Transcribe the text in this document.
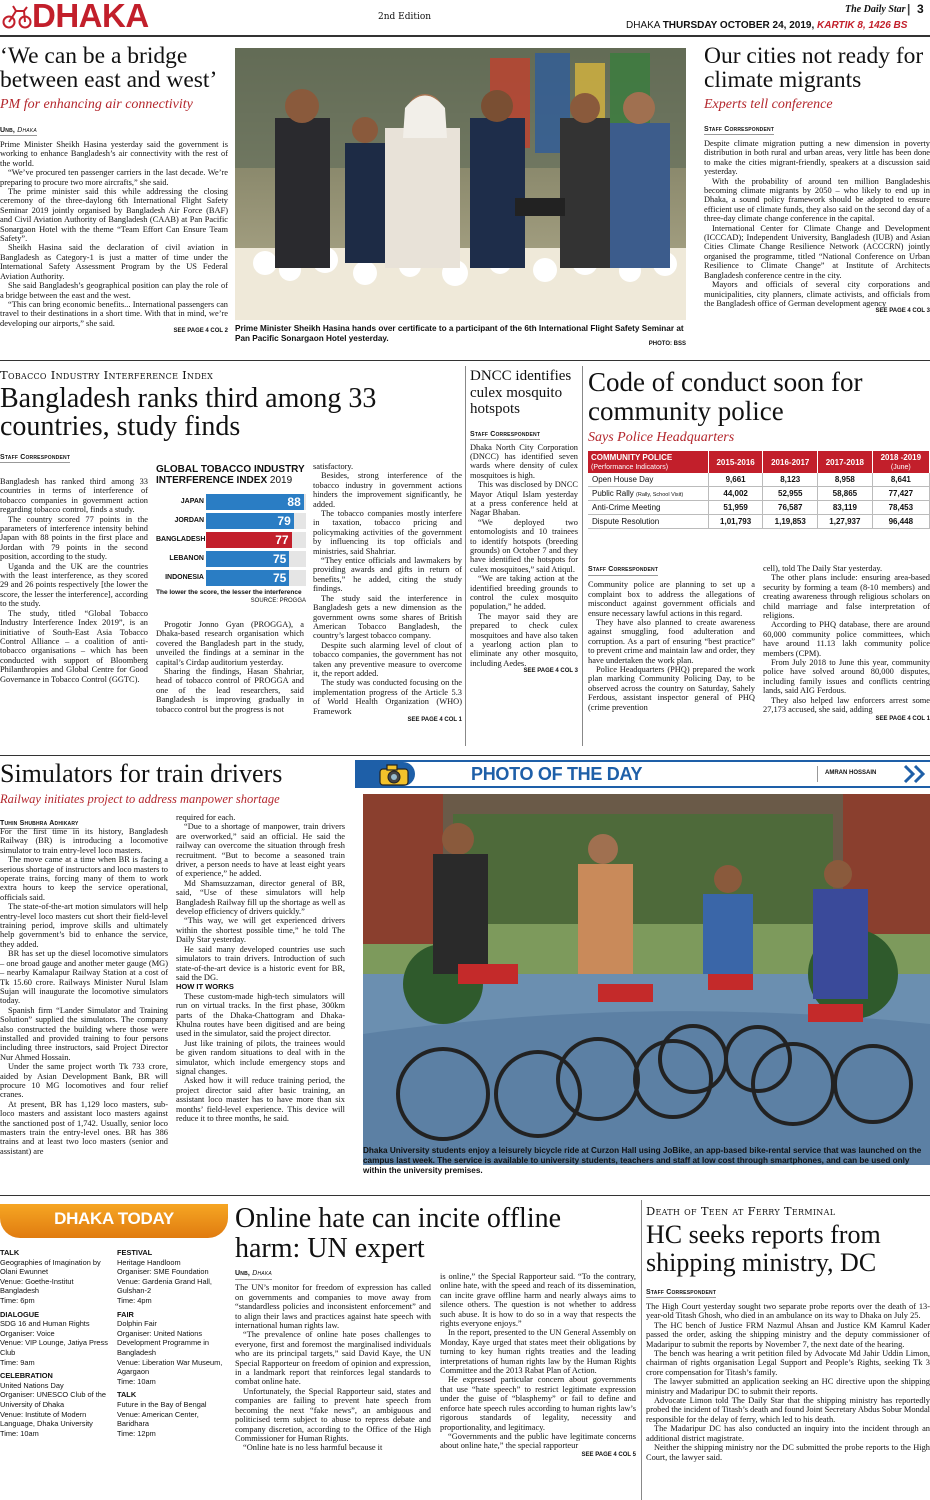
DHAKA	2nd Edition
The Daily Star | 3
DHAKA THURSDAY OCTOBER 24, 2019, KARTIK 8, 1426 BS
‘We can be a bridge between east and west’
PM for enhancing air connectivity
Unb, Dhaka

Prime Minister Sheikh Hasina yesterday said the government is working to enhance Bangladesh’s air connectivity with the rest of the world.

“We’ve procured ten passenger carriers in the last decade. We’re preparing to procure two more aircrafts,” she said.

The prime minister said this while addressing the closing ceremony of the three-daylong 6th International Flight Safety Seminar 2019 jointly organised by Bangladesh Air Force (BAF) and Civil Aviation Authority of Bangladesh (CAAB) at Pan Pacific Sonargaon Hotel with the theme “Team Effort Can Ensure Team Safety”.

Sheikh Hasina said the declaration of civil aviation in Bangladesh as Category-1 is just a matter of time under the International Safety Assessment Program by the US Federal Aviation Authority.

She said Bangladesh’s geographical position can play the role of a bridge between the east and the west.

“This can bring economic benefits... International passengers can travel to their destinations in a short time. With that in mind, we’re developing our airports,” she said.

SEE PAGE 4 COL 2 Prime Minister Sheikh Hasina hands over certificate to a participant of the 6th International Flight Safety Seminar at Pan Pacific Sonargaon Hotel yesterday.
PHOTO: BSS
Our cities not ready for climate migrants
Experts tell conference
Staff Correspondent

Despite climate migration putting a new dimension in poverty distribution in both rural and urban areas, very little has been done to make the cities migrant-friendly, speakers at a discussion said yesterday.

With the probability of around ten million Bangladeshis becoming climate migrants by 2050 – who likely to end up in Dhaka, a sound policy framework should be adopted to ensure efficient use of climate funds, they also said on the second day of a three-day climate change conference in the capital.

International Center for Climate Change and Development (ICCCAD); Independent University, Bangladesh (IUB) and Asian Cities Climate Change Resilience Network (ACCCRN) jointly organised the programme, titled “National Conference on Urban Resilience to Climate Change” at Institute of Architects Bangladesh conference centre in the city.

Mayors and officials of several city corporations and municipalities, city planners, climate activists, and officials from the Bangladesh office of German development agency

SEE PAGE 4 COL 3
Tobacco Industry Interference Index
Bangladesh ranks third among 33 countries, study finds
Staff Correspondent

Bangladesh has ranked third among 33 countries in terms of interference of tobacco companies in government action regarding tobacco control, finds a study.

The country scored 77 points in the parameters of interference intensity behind Japan with 88 points in the first place and Jordan with 79 points in the second position, according to the study.

Uganda and the UK are the countries with the least interference, as they scored 29 and 26 points respectively [the lower the score, the lesser the interference], according to the study.

The study, titled “Global Tobacco Industry Interference Index 2019”, is an initiative of South-East Asia Tobacco Control Alliance – a coalition of anti-tobacco organisations – which has been conducted with support of Bloomberg Philanthropies and Global Centre for Good Governance in Tobacco Control (GGTC).

GLOBAL TOBACCO INDUSTRY INTERFERENCE INDEX 2019
JAPAN	88
JORDAN	79
BANGLADESH	77
LEBANON	75
INDONESIA	75
The lower the score, the lesser the interference
SOURCE: PROGGA

Progotir Jonno Gyan (PROGGA), a Dhaka-based research organisation which covered the Bangladesh part in the study, unveiled the findings at a seminar in the capital’s Cirdap auditorium yesterday.

Sharing the findings, Hasan Shahriar, head of tobacco control of PROGGA and one of the lead researchers, said Bangladesh is improving gradually in tobacco control but the progress is not

satisfactory.

Besides, strong interference of the tobacco industry in government actions hinders the improvement significantly, he added.

The tobacco companies mostly interfere in taxation, tobacco pricing and policymaking activities of the government by influencing its top officials and ministries, said Shahriar.

“They entice officials and lawmakers by providing awards and gifts in return of benefits,” he added, citing the study findings.

The study said the interference in Bangladesh gets a new dimension as the government owns some shares of British American Tobacco Bangladesh, the country’s largest tobacco company.

Despite such alarming level of clout of tobacco companies, the government has not taken any preventive measure to overcome it, the report added.

The study was conducted focusing on the implementation progress of the Article 5.3 of World Health Organization (WHO) Framework

SEE PAGE 4 COL 1
DNCC identifies culex mosquito hotspots
Staff Correspondent

Dhaka North City Corporation (DNCC) has identified seven wards where density of culex mosquitoes is high.

This was disclosed by DNCC Mayor Atiqul Islam yesterday at a press conference held at Nagar Bhaban.

“We deployed two entomologists and 10 trainees to identify hotspots (breeding grounds) on October 7 and they have identified the hotspots for culex mosquitoes,” said Atiqul.

“We are taking action at the identified breeding grounds to control the culex mosquito population,” he added.

The mayor said they are prepared to check culex mosquitoes and have also taken a yearlong action plan to eliminate any other mosquito, including Aedes.

SEE PAGE 4 COL 3
Code of conduct soon for community police
Says Police Headquarters
COMMUNITY POLICE
(Performance Indicators)	2015-2016	2016-2017	2017-2018	2018 -2019
(June)
Open House Day	9,661	8,123	8,958	8,641
Public Rally (Rally, School Visit)	44,002	52,955	58,865	77,427
Anti-Crime Meeting	51,959	76,587	83,119	78,453
Dispute Resolution	1,01,793	1,19,853	1,27,937	96,448
Staff Correspondent

Community police are planning to set up a complaint box to address the allegations of misconduct against government officials and ensure necessary lawful actions in this regard.

They have also planned to create awareness against smuggling, food adulteration and corruption. As a part of ensuring “best practice” to prevent crime and maintain law and order, they have undertaken the work plan.

Police Headquarters (PHQ) prepared the work plan marking Community Policing Day, to be observed across the country on Saturday, Sahely Ferdous, assistant inspector general of PHQ (crime prevention

cell), told The Daily Star yesterday.

The other plans include: ensuring area-based security by forming a team (8-10 members) and creating awareness through religious scholars on child marriage and false interpretation of religions.

According to PHQ database, there are around 60,000 community police committees, which have around 11.13 lakh community police members (CPM).

From July 2018 to June this year, community police have solved around 80,000 disputes, including family issues and conflicts centring lands, said AIG Ferdous.

They also helped law enforcers arrest some 27,173 accused, she said, adding

SEE PAGE 4 COL 1
Simulators for train drivers
Railway initiates project to address manpower shortage
Tuhin Shubhra Adhikary

For the first time in its history, Bangladesh Railway (BR) is introducing a locomotive simulator to train entry-level loco masters.

The move came at a time when BR is facing a serious shortage of instructors and loco masters to operate trains, forcing many of them to work extra hours to keep the service operational, officials said.

The state-of-the-art motion simulators will help entry-level loco masters cut short their field-level training period, improve skills and ultimately help government’s bid to enhance the service, they added.

BR has set up the diesel locomotive simulators – one broad gauge and another meter gauge (MG) – nearby Kamalapur Railway Station at a cost of Tk 15.60 crore. Railways Minister Nurul Islam Sujan will inaugurate the locomotive simulators today.

Spanish firm “Lander Simulator and Training Solution” supplied the simulators. The company also constructed the building where those were installed and provided training to four persons including three instructors, said Project Director Nur Ahmed Hossain.

Under the same project worth Tk 733 crore, aided by Asian Development Bank, BR will procure 10 MG locomotives and four relief cranes.

At present, BR has 1,129 loco masters, sub-loco masters and assistant loco masters against the sanctioned post of 1,742. Usually, senior loco masters train the entry-level ones. BR has 386 trains and at least two loco masters (senior and assistant) are

required for each.

“Due to a shortage of manpower, train drivers are overworked,” said an official. He said the railway can overcome the situation through fresh recruitment. “But to become a seasoned train driver, a person needs to have at least eight years of experience,” he added.

Md Shamsuzzaman, director general of BR, said, “Use of these simulators will help Bangladesh Railway fill up the shortage as well as develop efficiency of drivers quickly.”

“This way, we will get experienced drivers within the shortest possible time,” he told The Daily Star yesterday.

He said many developed countries use such simulators to train drivers. Introduction of such state-of-the-art device is a historic event for BR, said the DG.

HOW IT WORKS

These custom-made high-tech simulators will run on virtual tracks. In the first phase, 300km parts of the Dhaka-Chattogram and Dhaka-Khulna routes have been digitised and are being used in the simulator, said the project director.

Just like training of pilots, the trainees would be given random situations to deal with in the simulator, which include emergency stops and signal changes.

Asked how it will reduce training period, the project director said after basic training, an assistant loco master has to have more than six months’ field-level experience. This device will reduce it to three months, he said.

PHOTO OF THE DAY	AMRAN HOSSAIN
Dhaka University students enjoy a leisurely bicycle ride at Curzon Hall using JoBike, an app-based bike-rental service that was launched on the campus last week. The service is available to university students, teachers and staff at low cost through smartphones, and can be used only within the university premises.
DHAKA TODAY
TALK
Geographies of Imagination by Olani Ewunnet
Venue: Goethe-Institut Bangladesh
Time: 6pm
DIALOGUE
SDG 16 and Human Rights
Organiser: Voice
Venue: VIP Lounge, Jatiya Press Club
Time: 9am
CELEBRATION
United Nations Day
Organiser: UNESCO Club of the University of Dhaka
Venue: Institute of Modern Language, Dhaka University
Time: 10am
FESTIVAL
Heritage Handloom
Organiser: SME Foundation
Venue: Gardenia Grand Hall, Gulshan-2
Time: 4pm
FAIR
Dolphin Fair
Organiser: United Nations Development Programme in Bangladesh
Venue: Liberation War Museum, Agargaon
Time: 10am
TALK
Future in the Bay of Bengal
Venue: American Center, Baridhara
Time: 12pm
Online hate can incite offline harm: UN expert
Unb, Dhaka

The UN’s monitor for freedom of expression has called on governments and companies to move away from “standardless policies and inconsistent enforcement” and to align their laws and practices against hate speech with international human rights law.

“The prevalence of online hate poses challenges to everyone, first and foremost the marginalised individuals who are its principal targets,” said David Kaye, the UN Special Rapporteur on freedom of opinion and expression, in a landmark report that reinforces legal standards to combat online hate.

Unfortunately, the Special Rapporteur said, states and companies are failing to prevent hate speech from becoming the next “fake news”, an ambiguous and politicised term subject to abuse to repress debate and company discretion, according to the Office of the High Commissioner for Human Rights.

“Online hate is no less harmful because it

is online,” the Special Rapporteur said. “To the contrary, online hate, with the speed and reach of its dissemination, can incite grave offline harm and nearly always aims to silence others. The question is not whether to address such abuse. It is how to do so in a way that respects the rights everyone enjoys.”

In the report, presented to the UN General Assembly on Monday, Kaye urged that states meet their obligations by turning to key human rights treaties and the leading interpretations of human rights law by the Human Rights Committee and the 2013 Rabat Plan of Action.

He expressed particular concern about governments that use “hate speech” to restrict legitimate expression under the guise of “blasphemy” or fail to define and enforce hate speech rules according to human rights law’s rigorous standards of legality, necessity and proportionality, and legitimacy.

“Governments and the public have legitimate concerns about online hate,” the special rapporteur

SEE PAGE 4 COL 5
Death of Teen at Ferry Terminal
HC seeks reports from shipping ministry, DC
Staff Correspondent

The High Court yesterday sought two separate probe reports over the death of 13-year-old Titash Ghosh, who died in an ambulance on its way to Dhaka on July 25.

The HC bench of Justice FRM Nazmul Ahsan and Justice KM Kamrul Kader passed the order, asking the shipping ministry and the deputy commissioner of Madaripur to submit the reports by November 7, the next date of the hearing.

The bench was hearing a writ petition filed by Advocate Md Jahir Uddin Limon, chairman of rights organisation Legal Support and People’s Rights, seeking Tk 3 crore compensation for Titash’s family.

The lawyer submitted an application seeking an HC directive upon the shipping ministry and Madaripur DC to submit their reports.

Advocate Limon told The Daily Star that the shipping ministry has reportedly probed the incident of Titash’s death and found Joint Secretary Abdus Sobur Mondal responsible for the delay of ferry, which led to his death.

The Madaripur DC has also conducted an inquiry into the incident through an additional district magistrate.

Neither the shipping ministry nor the DC submitted the probe reports to the High Court, the lawyer said.
